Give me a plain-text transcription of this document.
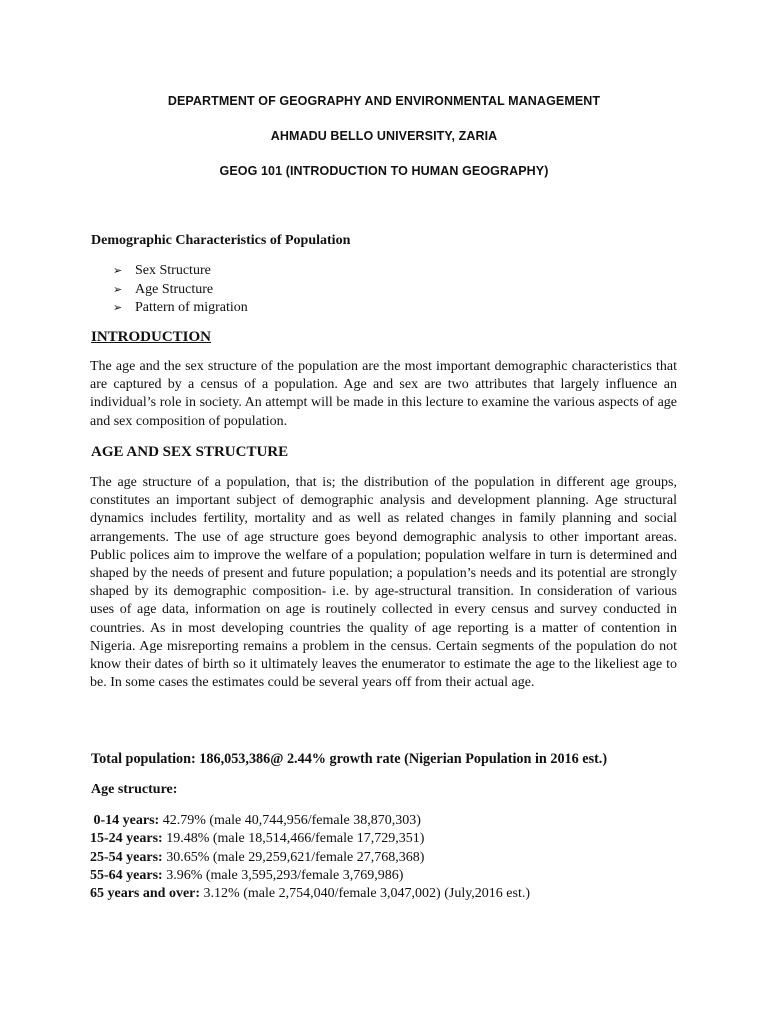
DEPARTMENT OF GEOGRAPHY AND ENVIRONMENTAL MANAGEMENT
AHMADU BELLO UNIVERSITY, ZARIA
GEOG 101 (INTRODUCTION TO HUMAN GEOGRAPHY)
Demographic Characteristics of Population
➢ Sex Structure
➢ Age Structure
➢ Pattern of migration
INTRODUCTION
The age and the sex structure of the population are the most important demographic characteristics that are captured by a census of a population. Age and sex are two attributes that largely influence an individual’s role in society. An attempt will be made in this lecture to examine the various aspects of age and sex composition of population.
AGE AND SEX STRUCTURE
The age structure of a population, that is; the distribution of the population in different age groups, constitutes an important subject of demographic analysis and development planning. Age structural dynamics includes fertility, mortality and as well as related changes in family planning and social arrangements. The use of age structure goes beyond demographic analysis to other important areas. Public polices aim to improve the welfare of a population; population welfare in turn is determined and shaped by the needs of present and future population; a population’s needs and its potential are strongly shaped by its demographic composition- i.e. by age-structural transition. In consideration of various uses of age data, information on age is routinely collected in every census and survey conducted in countries. As in most developing countries the quality of age reporting is a matter of contention in Nigeria. Age misreporting remains a problem in the census. Certain segments of the population do not know their dates of birth so it ultimately leaves the enumerator to estimate the age to the likeliest age to be. In some cases the estimates could be several years off from their actual age.
Total population: 186,053,386@ 2.44% growth rate (Nigerian Population in 2016 est.)
Age structure:
0-14 years: 42.79% (male 40,744,956/female 38,870,303)
15-24 years: 19.48% (male 18,514,466/female 17,729,351)
25-54 years: 30.65% (male 29,259,621/female 27,768,368)
55-64 years: 3.96% (male 3,595,293/female 3,769,986)
65 years and over: 3.12% (male 2,754,040/female 3,047,002) (July,2016 est.)
